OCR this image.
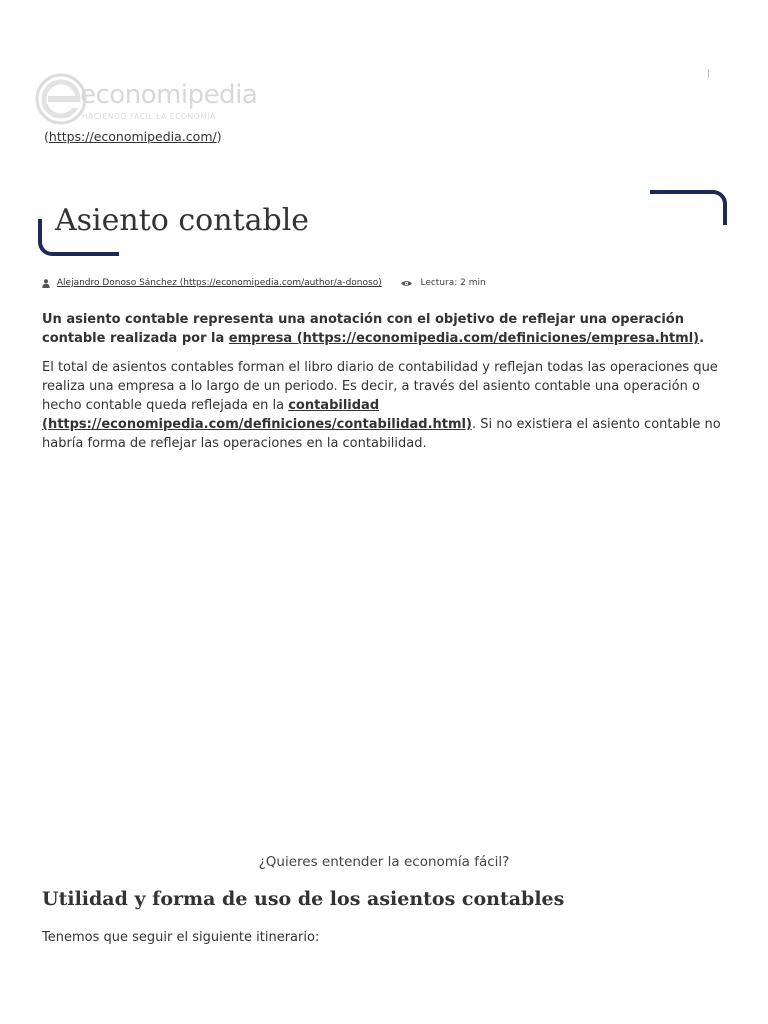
economipedia
HACIENDO FÁCIL LA ECONOMÍA
(https://economipedia.com/)
Asiento contable
Alejandro Donoso Sánchez (https://economipedia.com/author/a-donoso)	Lectura: 2 min

Un asiento contable representa una anotación con el objetivo de reflejar una operación contable realizada por la empresa (https://economipedia.com/definiciones/empresa.html).

El total de asientos contables forman el libro diario de contabilidad y reflejan todas las operaciones que realiza una empresa a lo largo de un periodo. Es decir, a través del asiento contable una operación o hecho contable queda reflejada en la contabilidad (https://economipedia.com/definiciones/contabilidad.html). Si no existiera el asiento contable no habría forma de reflejar las operaciones en la contabilidad.

¿Quieres entender la economía fácil?
Utilidad y forma de uso de los asientos contables
Tenemos que seguir el siguiente itinerario:
